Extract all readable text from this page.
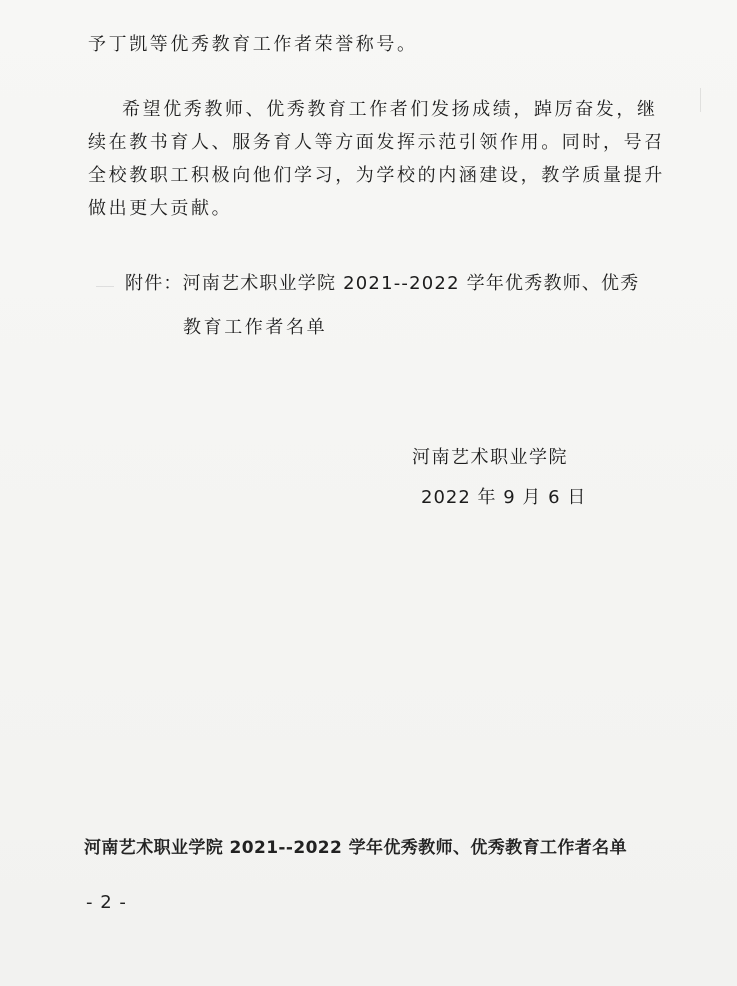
予丁凯等优秀教育工作者荣誉称号。
希望优秀教师、优秀教育工作者们发扬成绩，踔厉奋发，继
续在教书育人、服务育人等方面发挥示范引领作用。同时，号召
全校教职工积极向他们学习，为学校的内涵建设，教学质量提升
做出更大贡献。
附件：河南艺术职业学院 2021--2022 学年优秀教师、优秀
教育工作者名单
河南艺术职业学院
2022 年 9 月 6 日
河南艺术职业学院 2021--2022 学年优秀教师、优秀教育工作者名单
- 2 -
